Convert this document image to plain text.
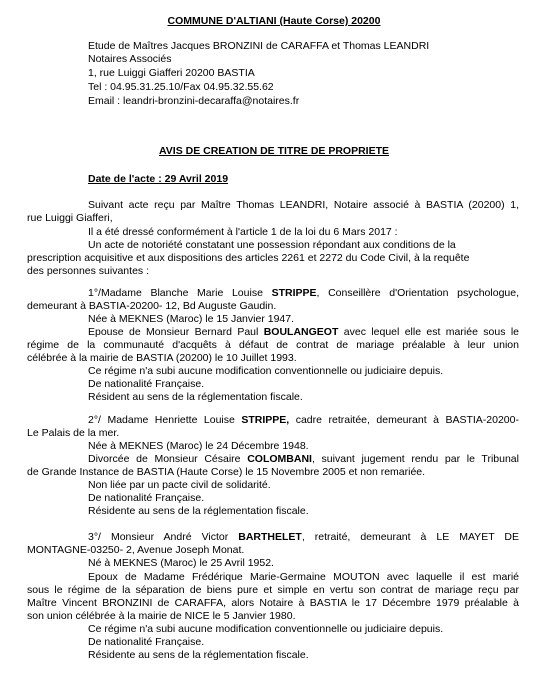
COMMUNE D'ALTIANI (Haute Corse) 20200
Etude de Maîtres Jacques BRONZINI de CARAFFA et Thomas LEANDRI
Notaires Associés
1, rue Luiggi Giafferi 20200 BASTIA
Tel : 04.95.31.25.10/Fax 04.95.32.55.62
Email : leandri-bronzini-decaraffa@notaires.fr
AVIS DE CREATION DE TITRE DE PROPRIETE
Date de l'acte : 29 Avril 2019
Suivant acte reçu par Maître Thomas LEANDRI, Notaire associé à BASTIA (20200) 1,
rue Luiggi Giafferi,
Il a été dressé conformément à l'article 1 de la loi du 6 Mars 2017 :
Un acte de notoriété constatant une possession répondant aux conditions de la
prescription acquisitive et aux dispositions des articles 2261 et 2272 du Code Civil, à la requête
des personnes suivantes :
1°/Madame Blanche Marie Louise STRIPPE, Conseillère d'Orientation psychologue,
demeurant à BASTIA-20200- 12, Bd Auguste Gaudin.
Née à MEKNES (Maroc) le 15 Janvier 1947.
Epouse de Monsieur Bernard Paul BOULANGEOT avec lequel elle est mariée sous le
régime de la communauté d'acquêts à défaut de contrat de mariage préalable à leur union
célébrée à la mairie de BASTIA (20200) le 10 Juillet 1993.
Ce régime n'a subi aucune modification conventionnelle ou judiciaire depuis.
De nationalité Française.
Résident au sens de la réglementation fiscale.
2°/ Madame Henriette Louise STRIPPE, cadre retraitée, demeurant à BASTIA-20200-
Le Palais de la mer.
Née à MEKNES (Maroc) le 24 Décembre 1948.
Divorcée de Monsieur Césaire COLOMBANI, suivant jugement rendu par le Tribunal
de Grande Instance de BASTIA (Haute Corse) le 15 Novembre 2005 et non remariée.
Non liée par un pacte civil de solidarité.
De nationalité Française.
Résidente au sens de la réglementation fiscale.
3°/ Monsieur André Victor BARTHELET, retraité, demeurant à LE MAYET DE
MONTAGNE-03250- 2, Avenue Joseph Monat.
Né à MEKNES (Maroc) le 25 Avril 1952.
Epoux de Madame Frédérique Marie-Germaine MOUTON avec laquelle il est marié
sous le régime de la séparation de biens pure et simple en vertu son contrat de mariage reçu par
Maître Vincent BRONZINI de CARAFFA, alors Notaire à BASTIA le 17 Décembre 1979 préalable à
son union célébrée à la mairie de NICE le 5 Janvier 1980.
Ce régime n'a subi aucune modification conventionnelle ou judiciaire depuis.
De nationalité Française.
Résidente au sens de la réglementation fiscale.
